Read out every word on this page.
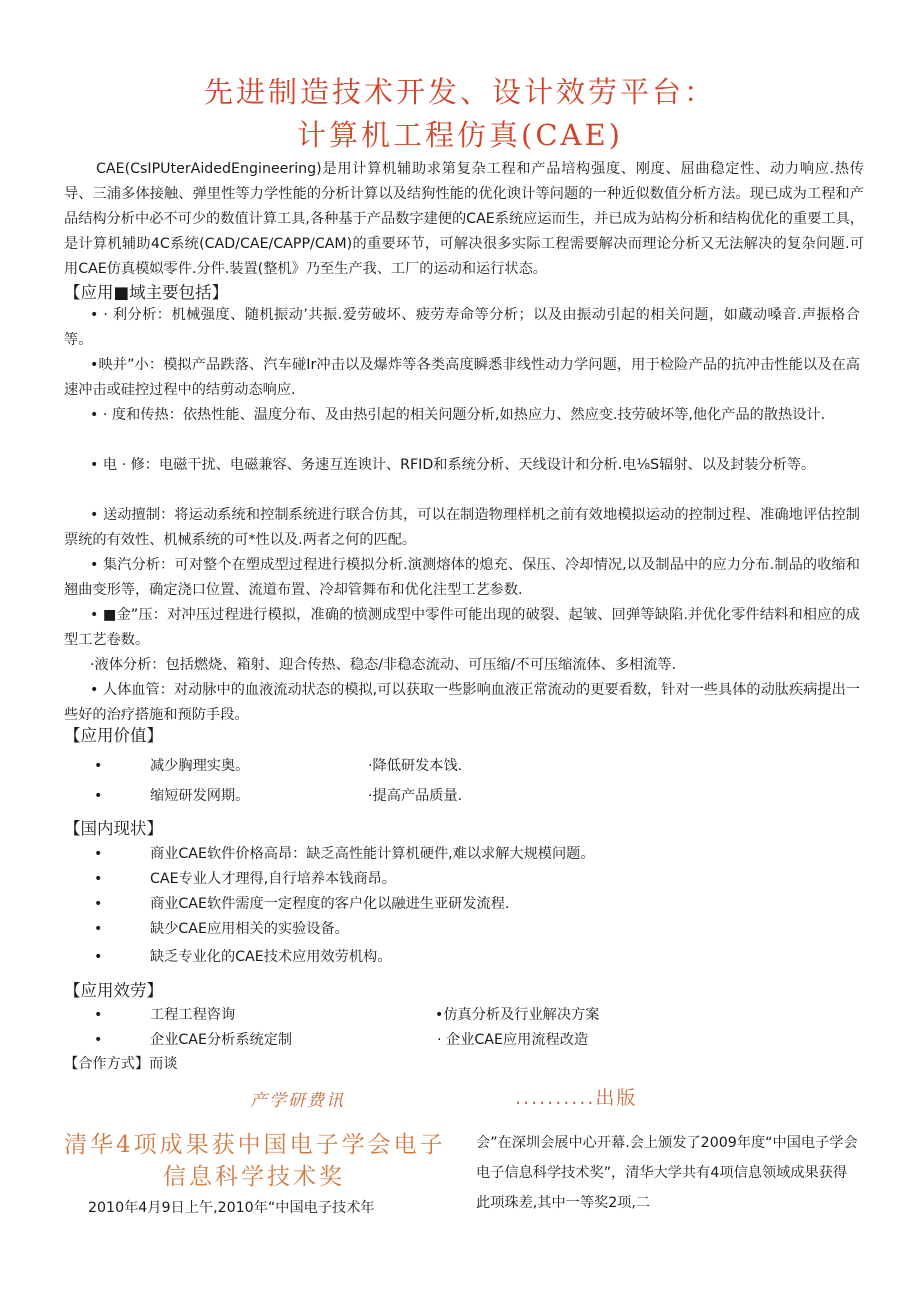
先进制造技术开发、设计效劳平台：
计算机工程仿真(CAE)

CAE(CsIPUterAidedEngineering)是用计算机辅助求第复杂工程和产品培构强度、刚度、屈曲稳定性、动力响应.热传导、三浦多体接触、弹里性等力学性能的分析计算以及结狗性能的优化谀计等问题的一种近似数值分析方法。现已成为工程和产品结构分析中必不可少的数值计算工具,各种基于产品数字建便的CAE系统应运而生，并已成为站构分析和结构优化的重要工具，是计算机辅助4C系统(CAD/CAE/CAPP/CAM)的重要环节，可解决很多实际工程需要解决而理论分析又无法解决的复杂问题.可用CAE仿真模姒零件.分件.装置(整机》乃至生产我、工厂的运动和运行状态。

【应用■域主要包括】

• · 利分析：机械强度、随机振动’共振.爱劳破坏、疲劳寿命等分析；以及由振动引起的相关问题，如蔵动嗓音.声振格合等。

•映并”小：模拟产品跌落、汽车碰Ir冲击以及爆炸等各类高度瞬悉非线性动力学问题，用于检险产品的抗冲击性能以及在高速冲击或硅控过程中的结剪动态响应.

• · 度和传热：依热性能、温度分布、及由热引起的相关问题分析,如热应力、然应变.技劳破坏等,他化产品的散热设计.

• 电 · 修：电磁干扰、电磁兼容、务速互连谀计、RFID和系统分析、天线设计和分析.电⅛S辐射、以及封装分析等。

• 送动擅制：将运动系统和控制系统进行联合仿其，可以在制造物理样机之前有效地模拟运动的控制过程、准确地评估控制票统的有效性、机械系统的可*性以及.两者之何的匹配。

• 集汽分析：可对整个在塑成型过程进行模拟分析.演测熔体的熄充、保压、冷却情况,以及制品中的应力分布.制品的收缩和翘曲变形等，确定浇口位置、流道布置、冷却管舞布和优化注型工艺参数.

• ■金”压：对冲压过程进行模拟，准确的愤测成型中零件可能出现的破裂、起皱、回弹等缺陷.并优化零件结料和相应的成型工艺卷数。

·液体分析：包括燃烧、箱射、迎合传热、稳态/非稳态流动、可压缩/不可压缩流体、多相流等.

• 人体血管：对动脉中的血液流动状态的模拟,可以获取一些影响血液正常流动的更要看数，针对一些具体的动肽疾病提出一些好的治疗搭施和预防手段。

【应用价值】
•	减少胸理实奥。	·降低研发本饯.
•	缩短研发网期。	·提高产品质量.
【国内现状】
•	商业CAE软件价格高昂：缺乏高性能计算机硬件,难以求解大规模问题。
•	CAE专业人才理得,自行培养本钱商昂。
•	商业CAE软件需度一定程度的客户化以融进生亚研发流程.
•	缺少CAE应用相关的实验设备。
•	缺乏专业化的CAE技术应用效劳机构。
【应用效劳】
•	工程工程咨询	•仿真分析及行业解决方案
•	企业CAE分析系统定制	· 企业CAE应用流程改造
【合作方式】而谈
产学研费讯	..........出版
清华4项成果获中国电子学会电子
信息科学技术奖
2010年4月9日上午,2010年“中国电子技术年

会”在深圳会展中心开幕.会上颁发了2009年度“中国电子学会电子信息科学技术奖”，清华大学共有4项信息领域成果获得此项珠差,其中一等奖2项,二
